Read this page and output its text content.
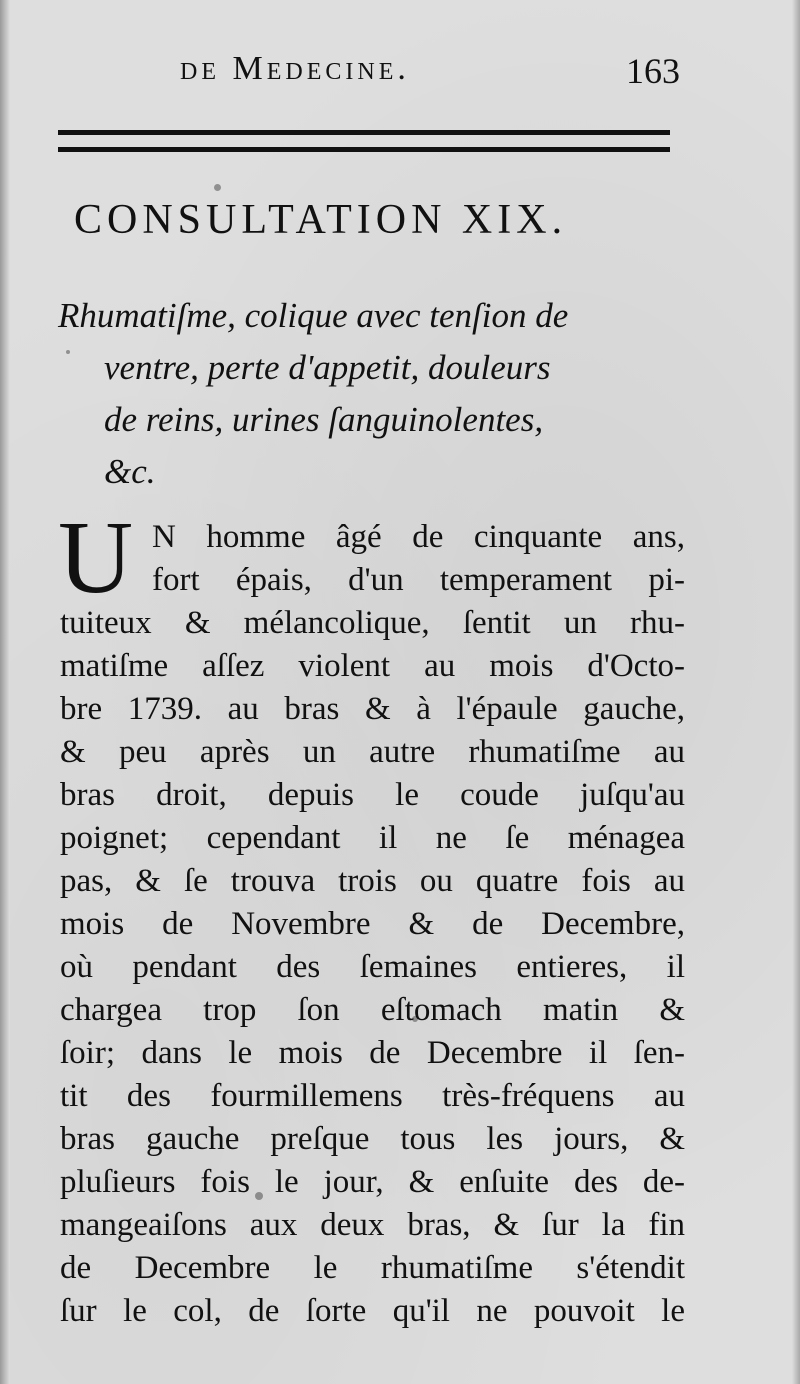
de Medecine.	163
CONSULTATION XIX.
Rhumatiſme, colique avec tenſion de
ventre, perte d'appetit, douleurs
de reins, urines ſanguinolentes,
&c.
U N homme âgé de cinquante ans,
fort épais, d'un temperament pi-
tuiteux & mélancolique, ſentit un rhu-
matiſme aſſez violent au mois d'Octo-
bre 1739. au bras & à l'épaule gauche,
& peu après un autre rhumatiſme au
bras droit, depuis le coude juſqu'au
poignet; cependant il ne ſe ménagea
pas, & ſe trouva trois ou quatre fois au
mois de Novembre & de Decembre,
où pendant des ſemaines entieres, il
chargea trop ſon eſtomach matin &
ſoir; dans le mois de Decembre il ſen-
tit des fourmillemens très-fréquens au
bras gauche preſque tous les jours, &
pluſieurs fois le jour, & enſuite des de-
mangeaiſons aux deux bras, & ſur la fin
de Decembre le rhumatiſme s'étendit
ſur le col, de ſorte qu'il ne pouvoit le
